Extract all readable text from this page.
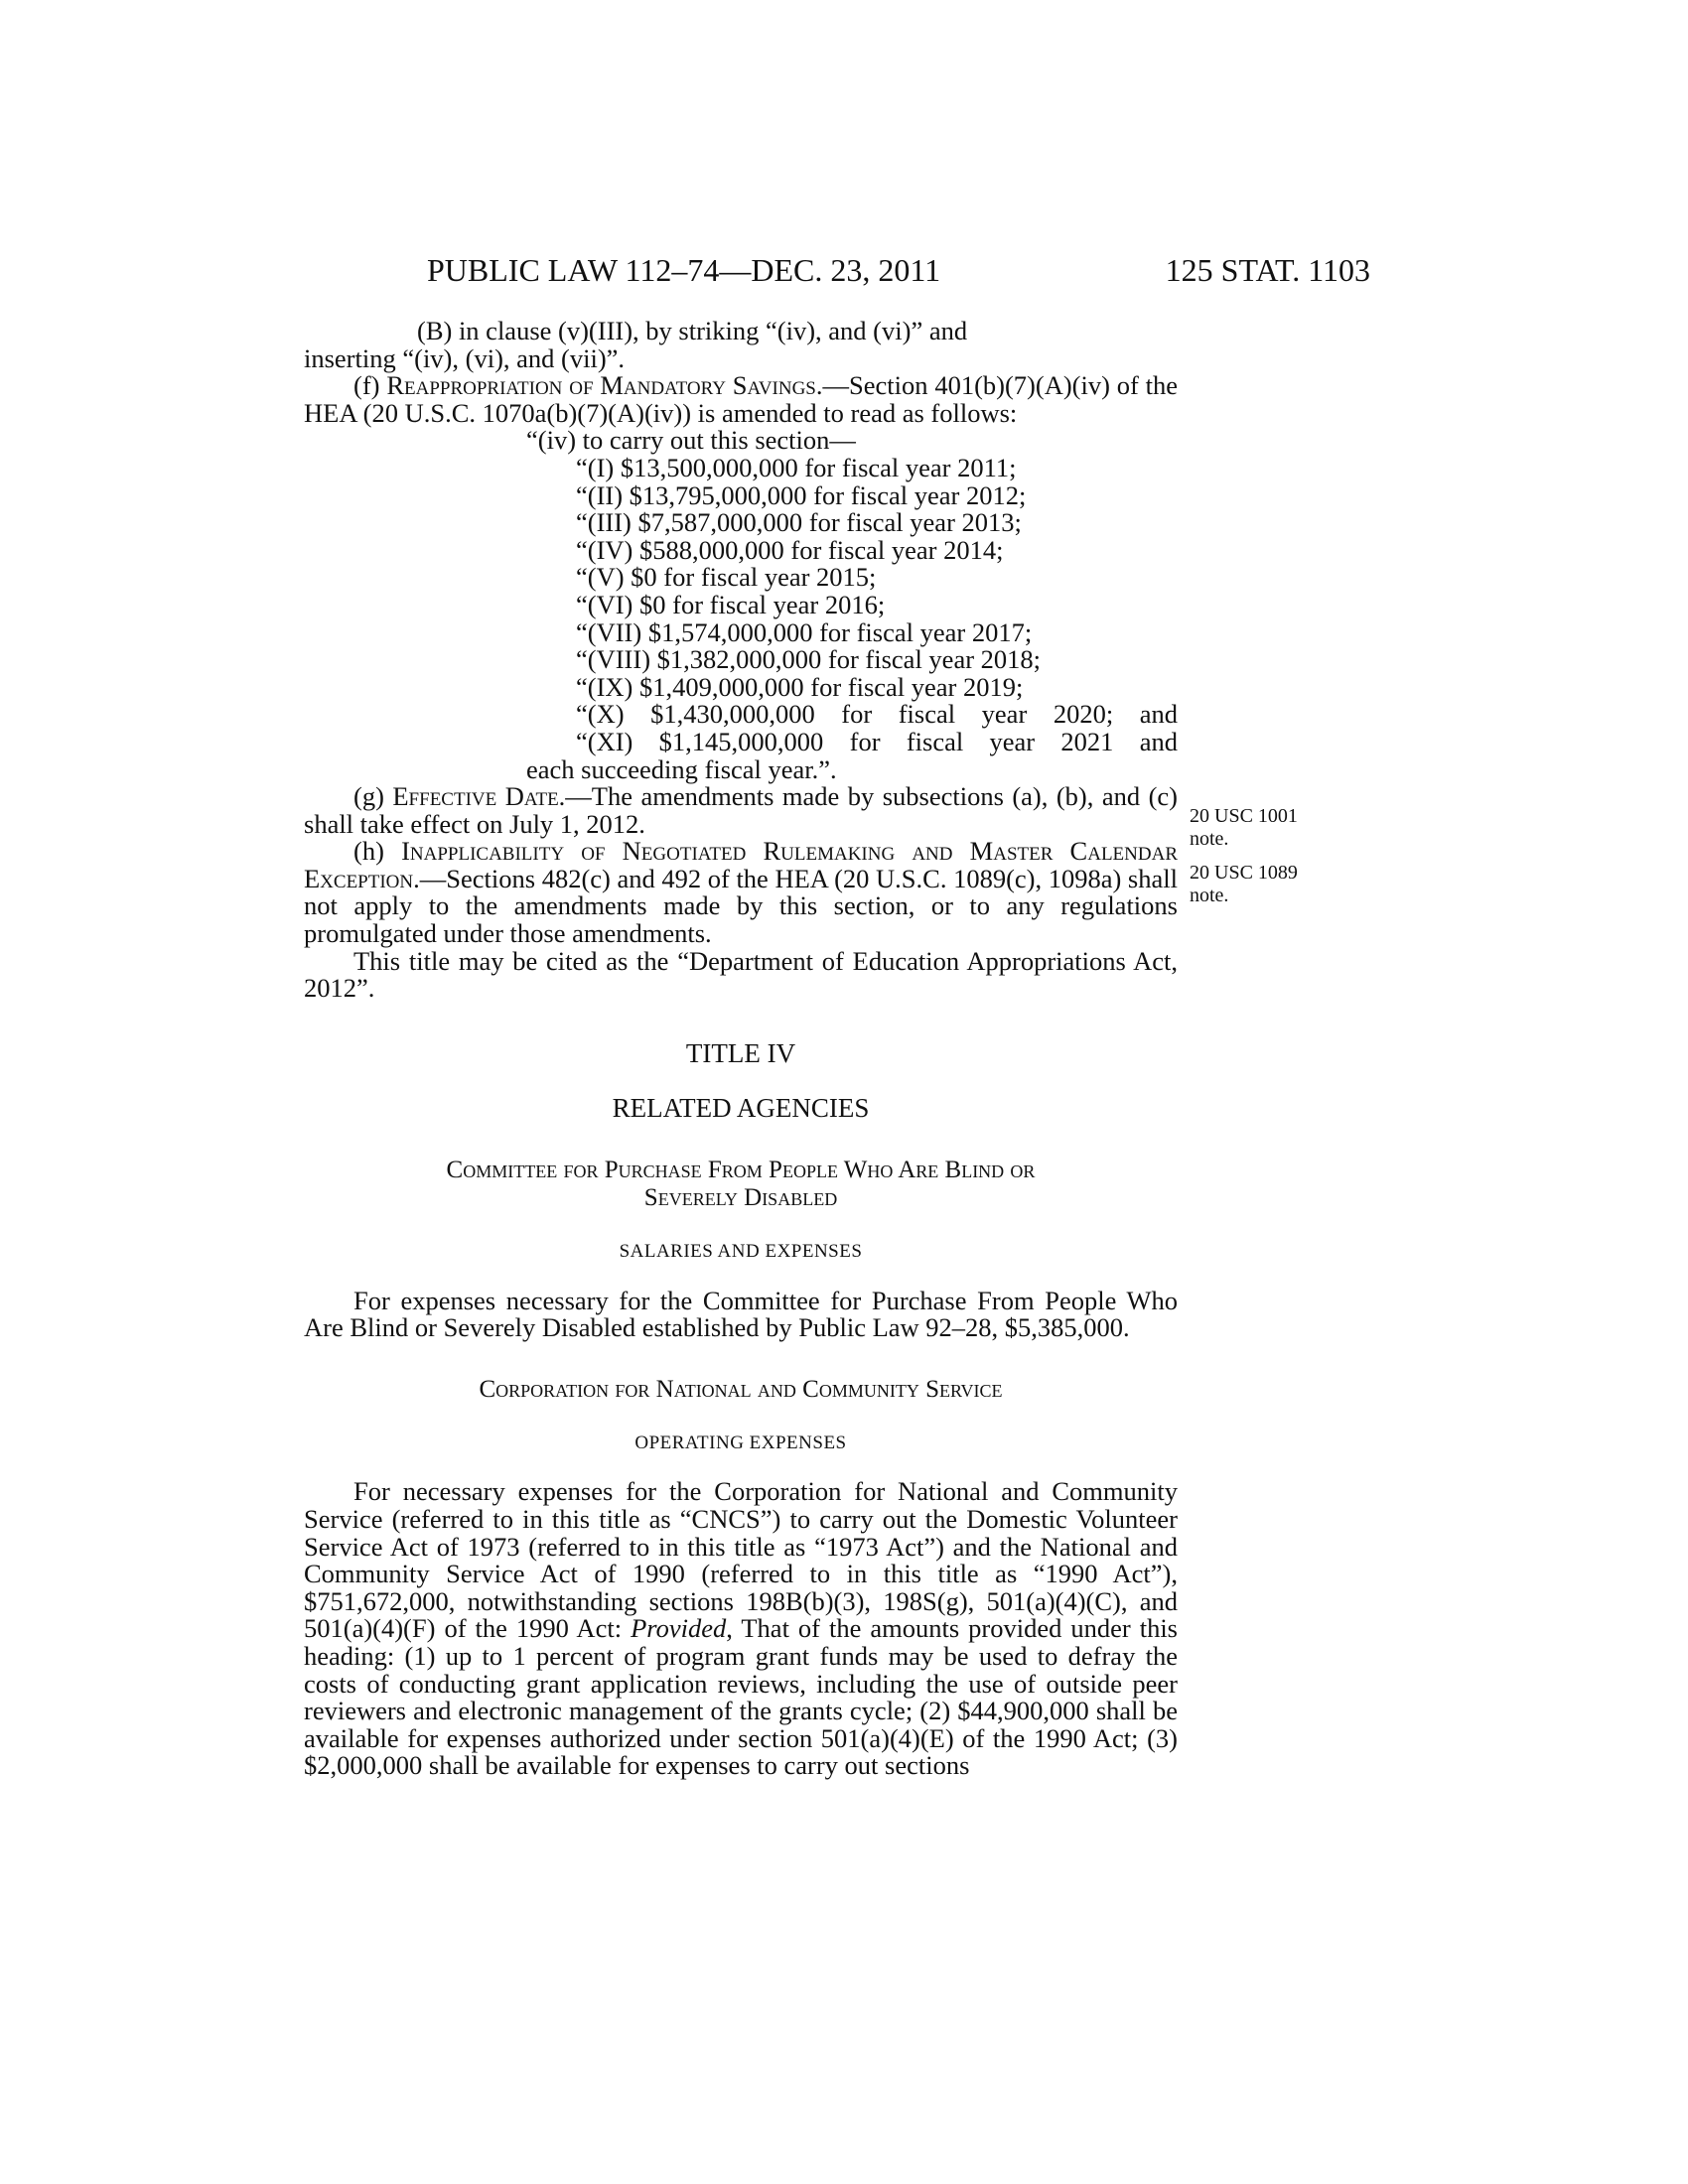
PUBLIC LAW 112–74—DEC. 23, 2011	125 STAT. 1103

(B) in clause (v)(III), by striking “(iv), and (vi)” and
inserting “(iv), (vi), and (vii)”.

(f) Reappropriation of Mandatory Savings.—Section 401(b)(7)(A)(iv) of the HEA (20 U.S.C. 1070a(b)(7)(A)(iv)) is amended to read as follows:

“(iv) to carry out this section—

“(I) $13,500,000,000 for fiscal year 2011;

“(II) $13,795,000,000 for fiscal year 2012;

“(III) $7,587,000,000 for fiscal year 2013;

“(IV) $588,000,000 for fiscal year 2014;

“(V) $0 for fiscal year 2015;

“(VI) $0 for fiscal year 2016;

“(VII) $1,574,000,000 for fiscal year 2017;

“(VIII) $1,382,000,000 for fiscal year 2018;

“(IX) $1,409,000,000 for fiscal year 2019;

“(X) $1,430,000,000 for fiscal year 2020; and

“(XI) $1,145,000,000 for fiscal year 2021 and

each succeeding fiscal year.”.

(g) Effective Date.—The amendments made by subsections (a), (b), and (c) shall take effect on July 1, 2012.

(h) Inapplicability of Negotiated Rulemaking and Master Calendar Exception.—Sections 482(c) and 492 of the HEA (20 U.S.C. 1089(c), 1098a) shall not apply to the amendments made by this section, or to any regulations promulgated under those amendments.

This title may be cited as the “Department of Education Appropriations Act, 2012”.

TITLE IV

RELATED AGENCIES

Committee for Purchase From People Who Are Blind or
Severely Disabled

SALARIES AND EXPENSES

For expenses necessary for the Committee for Purchase From People Who Are Blind or Severely Disabled established by Public Law 92–28, $5,385,000.

Corporation for National and Community Service

OPERATING EXPENSES

For necessary expenses for the Corporation for National and Community Service (referred to in this title as “CNCS”) to carry out the Domestic Volunteer Service Act of 1973 (referred to in this title as “1973 Act”) and the National and Community Service Act of 1990 (referred to in this title as “1990 Act”), $751,672,000, notwithstanding sections 198B(b)(3), 198S(g), 501(a)(4)(C), and 501(a)(4)(F) of the 1990 Act: Provided, That of the amounts provided under this heading: (1) up to 1 percent of program grant funds may be used to defray the costs of conducting grant application reviews, including the use of outside peer reviewers and electronic management of the grants cycle; (2) $44,900,000 shall be available for expenses authorized under section 501(a)(4)(E) of the 1990 Act; (3) $2,000,000 shall be available for expenses to carry out sections

20 USC 1001
note.
20 USC 1089
note.
